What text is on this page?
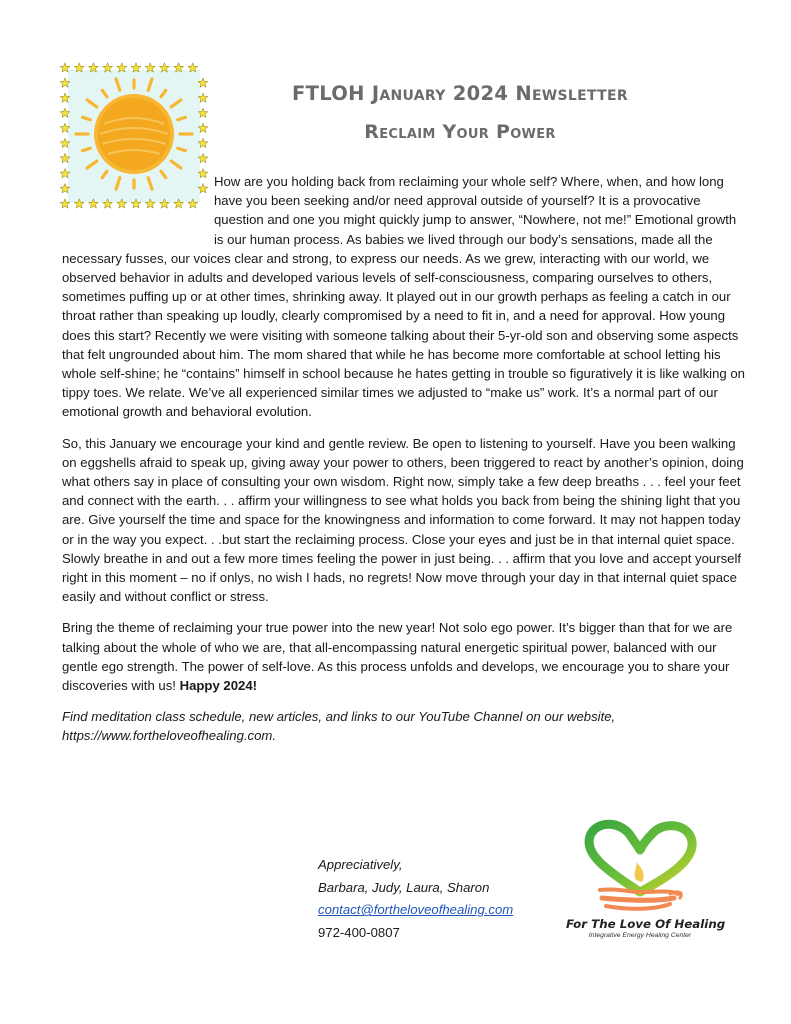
FTLOH January 2024 Newsletter
Reclaim Your Power

How are you holding back from reclaiming your whole self? Where, when, and how long have you been seeking and/or need approval outside of yourself? It is a provocative question and one you might quickly jump to answer, “Nowhere, not me!” Emotional growth is our human process. As babies we lived through our body’s sensations, made all the necessary fusses, our voices clear and strong, to express our needs. As we grew, interacting with our world, we observed behavior in adults and developed various levels of self-consciousness, comparing ourselves to others, sometimes puffing up or at other times, shrinking away. It played out in our growth perhaps as feeling a catch in our throat rather than speaking up loudly, clearly compromised by a need to fit in, and a need for approval. How young does this start? Recently we were visiting with someone talking about their 5-yr-old son and observing some aspects that felt ungrounded about him. The mom shared that while he has become more comfortable at school letting his whole self-shine; he “contains” himself in school because he hates getting in trouble so figuratively it is like walking on tippy toes. We relate. We’ve all experienced similar times we adjusted to “make us” work. It’s a normal part of our emotional growth and behavioral evolution.

So, this January we encourage your kind and gentle review. Be open to listening to yourself. Have you been walking on eggshells afraid to speak up, giving away your power to others, been triggered to react by another’s opinion, doing what others say in place of consulting your own wisdom. Right now, simply take a few deep breaths . . . feel your feet and connect with the earth. . . affirm your willingness to see what holds you back from being the shining light that you are. Give yourself the time and space for the knowingness and information to come forward. It may not happen today or in the way you expect. . .but start the reclaiming process. Close your eyes and just be in that internal quiet space. Slowly breathe in and out a few more times feeling the power in just being. . . affirm that you love and accept yourself right in this moment – no if onlys, no wish I hads, no regrets! Now move through your day in that internal quiet space easily and without conflict or stress.

Bring the theme of reclaiming your true power into the new year! Not solo ego power. It’s bigger than that for we are talking about the whole of who we are, that all-encompassing natural energetic spiritual power, balanced with our gentle ego strength. The power of self-love. As this process unfolds and develops, we encourage you to share your discoveries with us! Happy 2024!

Find meditation class schedule, new articles, and links to our YouTube Channel on our website, https://www.fortheloveofhealing.com.

Appreciatively,
Barbara, Judy, Laura, Sharon
contact@fortheloveofhealing.com
972-400-0807
For The Love Of Healing
Integrative Energy Healing Center
